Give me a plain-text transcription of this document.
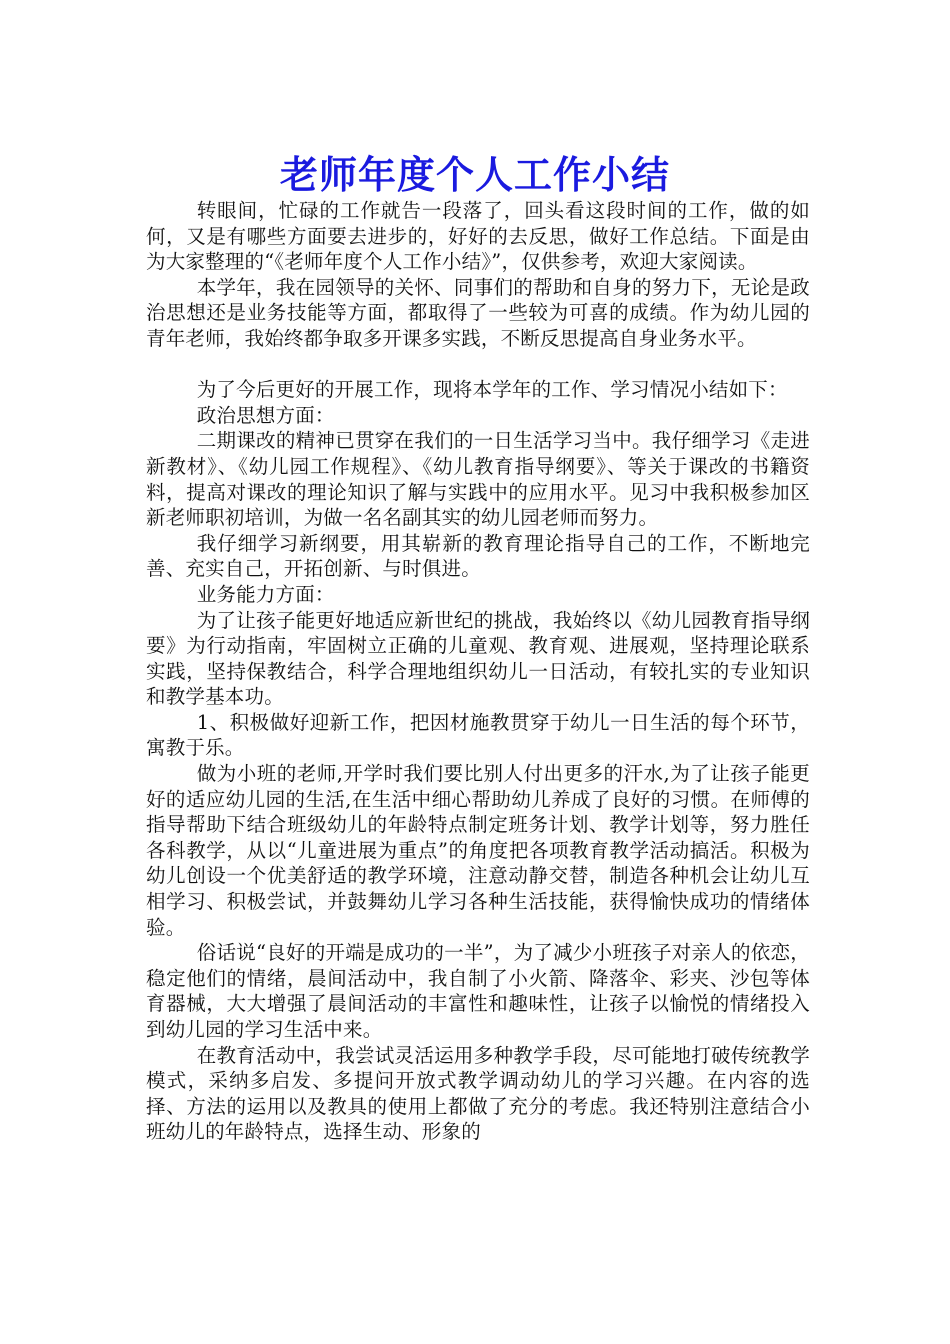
老师年度个人工作小结

转眼间，忙碌的工作就告一段落了，回头看这段时间的工作，做的如何，又是有哪些方面要去进步的，好好的去反思，做好工作总结。下面是由为大家整理的“《老师年度个人工作小结》”，仅供参考，欢迎大家阅读。

本学年，我在园领导的关怀、同事们的帮助和自身的努力下，无论是政治思想还是业务技能等方面，都取得了一些较为可喜的成绩。作为幼儿园的青年老师，我始终都争取多开课多实践，不断反思提高自身业务水平。

为了今后更好的开展工作，现将本学年的工作、学习情况小结如下：

政治思想方面：

二期课改的精神已贯穿在我们的一日生活学习当中。我仔细学习《走进新教材》、《幼儿园工作规程》、《幼儿教育指导纲要》、等关于课改的书籍资料，提高对课改的理论知识了解与实践中的应用水平。见习中我积极参加区新老师职初培训，为做一名名副其实的幼儿园老师而努力。

我仔细学习新纲要，用其崭新的教育理论指导自己的工作，不断地完善、充实自己，开拓创新、与时俱进。

业务能力方面：

为了让孩子能更好地适应新世纪的挑战，我始终以《幼儿园教育指导纲要》为行动指南，牢固树立正确的儿童观、教育观、进展观，坚持理论联系实践，坚持保教结合，科学合理地组织幼儿一日活动，有较扎实的专业知识和教学基本功。

1、积极做好迎新工作，把因材施教贯穿于幼儿一日生活的每个环节，寓教于乐。

做为小班的老师,开学时我们要比别人付出更多的汗水,为了让孩子能更好的适应幼儿园的生活,在生活中细心帮助幼儿养成了良好的习惯。在师傅的指导帮助下结合班级幼儿的年龄特点制定班务计划、教学计划等，努力胜任各科教学，从以“儿童进展为重点”的角度把各项教育教学活动搞活。积极为幼儿创设一个优美舒适的教学环境，注意动静交替，制造各种机会让幼儿互相学习、积极尝试，并鼓舞幼儿学习各种生活技能，获得愉快成功的情绪体验。

俗话说“良好的开端是成功的一半”，为了减少小班孩子对亲人的依恋，稳定他们的情绪，晨间活动中，我自制了小火箭、降落伞、彩夹、沙包等体育器械，大大增强了晨间活动的丰富性和趣味性，让孩子以愉悦的情绪投入到幼儿园的学习生活中来。

在教育活动中，我尝试灵活运用多种教学手段，尽可能地打破传统教学模式，采纳多启发、多提问开放式教学调动幼儿的学习兴趣。在内容的选择、方法的运用以及教具的使用上都做了充分的考虑。我还特别注意结合小班幼儿的年龄特点，选择生动、形象的
